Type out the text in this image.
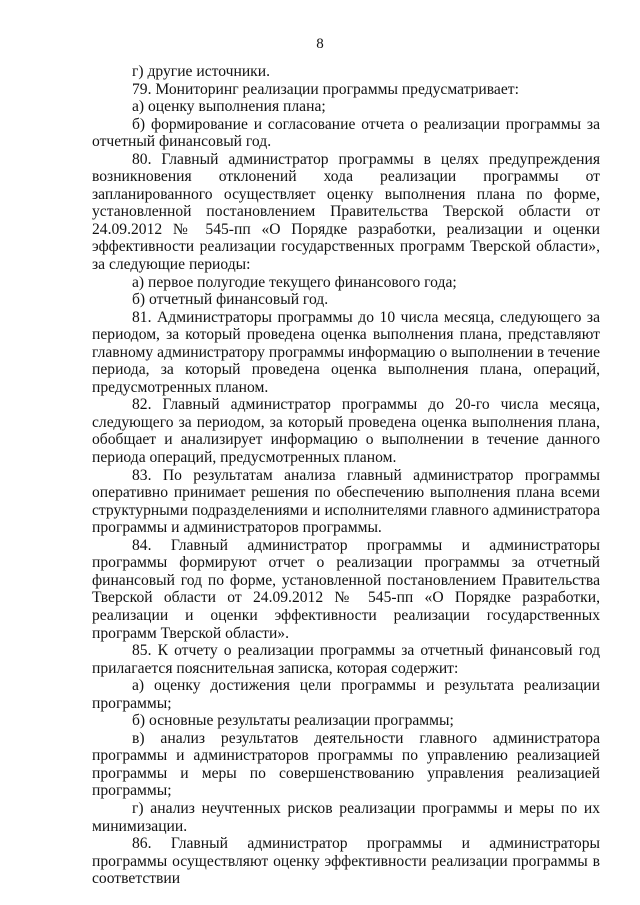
8

г) другие источники.

79. Мониторинг реализации программы предусматривает:

а) оценку выполнения плана;

б) формирование и согласование отчета о реализации программы за отчетный финансовый год.

80. Главный администратор программы в целях предупреждения возникновения отклонений хода реализации программы от запланированного осуществляет оценку выполнения плана по форме, установленной постановлением Правительства Тверской области от 24.09.2012 № 545-пп «О Порядке разработки, реализации и оценки эффективности реализации государственных программ Тверской области», за следующие периоды:

а) первое полугодие текущего финансового года;

б) отчетный финансовый год.

81. Администраторы программы до 10 числа месяца, следующего за периодом, за который проведена оценка выполнения плана, представляют главному администратору программы информацию о выполнении в течение периода, за который проведена оценка выполнения плана, операций, предусмотренных планом.

82. Главный администратор программы до 20-го числа месяца, следующего за периодом, за который проведена оценка выполнения плана, обобщает и анализирует информацию о выполнении в течение данного периода операций, предусмотренных планом.

83. По результатам анализа главный администратор программы оперативно принимает решения по обеспечению выполнения плана всеми структурными подразделениями и исполнителями главного администратора программы и администраторов программы.

84. Главный администратор программы и администраторы программы формируют отчет о реализации программы за отчетный финансовый год по форме, установленной постановлением Правительства Тверской области от 24.09.2012 № 545-пп «О Порядке разработки, реализации и оценки эффективности реализации государственных программ Тверской области».

85. К отчету о реализации программы за отчетный финансовый год прилагается пояснительная записка, которая содержит:

а) оценку достижения цели программы и результата реализации программы;

б) основные результаты реализации программы;

в) анализ результатов деятельности главного администратора программы и администраторов программы по управлению реализацией программы и меры по совершенствованию управления реализацией программы;

г) анализ неучтенных рисков реализации программы и меры по их минимизации.

86. Главный администратор программы и администраторы программы осуществляют оценку эффективности реализации программы в соответствии
